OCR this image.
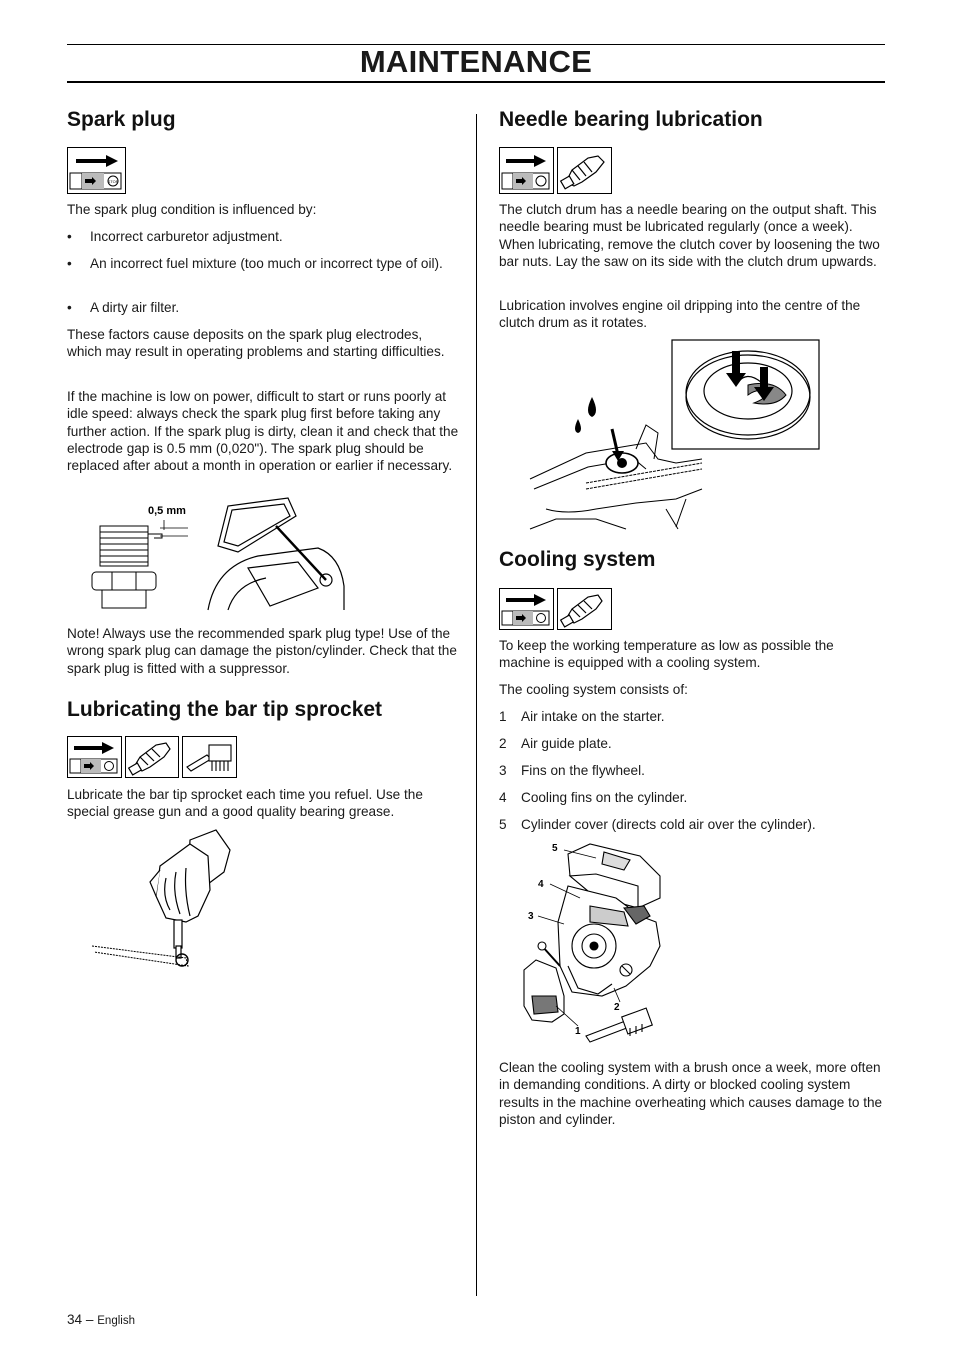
MAINTENANCE
Spark plug
STOP

The spark plug condition is influenced by:

• Incorrect carburetor adjustment.
• An incorrect fuel mixture (too much or incorrect type of oil).
• A dirty air filter.

These factors cause deposits on the spark plug electrodes, which may result in operating problems and starting difficulties.

If the machine is low on power, difficult to start or runs poorly at idle speed: always check the spark plug first before taking any further action. If the spark plug is dirty, clean it and check that the electrode gap is 0.5 mm (0,020"). The spark plug should be replaced after about a month in operation or earlier if necessary.

0,5 mm

Note! Always use the recommended spark plug type! Use of the wrong spark plug can damage the piston/cylinder. Check that the spark plug is fitted with a suppressor.

Lubricating the bar tip sprocket

Lubricate the bar tip sprocket each time you refuel. Use the special grease gun and a good quality bearing grease.

Needle bearing lubrication

The clutch drum has a needle bearing on the output shaft. This needle bearing must be lubricated regularly (once a week). When lubricating, remove the clutch cover by loosening the two bar nuts. Lay the saw on its side with the clutch drum upwards.

Lubrication involves engine oil dripping into the centre of the clutch drum as it rotates.

Cooling system

To keep the working temperature as low as possible the machine is equipped with a cooling system.

The cooling system consists of:

1 Air intake on the starter.
2 Air guide plate.
3 Fins on the flywheel.
4 Cooling fins on the cylinder.
5 Cylinder cover (directs cold air over the cylinder).
5
4
3
2
1

Clean the cooling system with a brush once a week, more often in demanding conditions. A dirty or blocked cooling system results in the machine overheating which causes damage to the piston and cylinder.

34 – English
